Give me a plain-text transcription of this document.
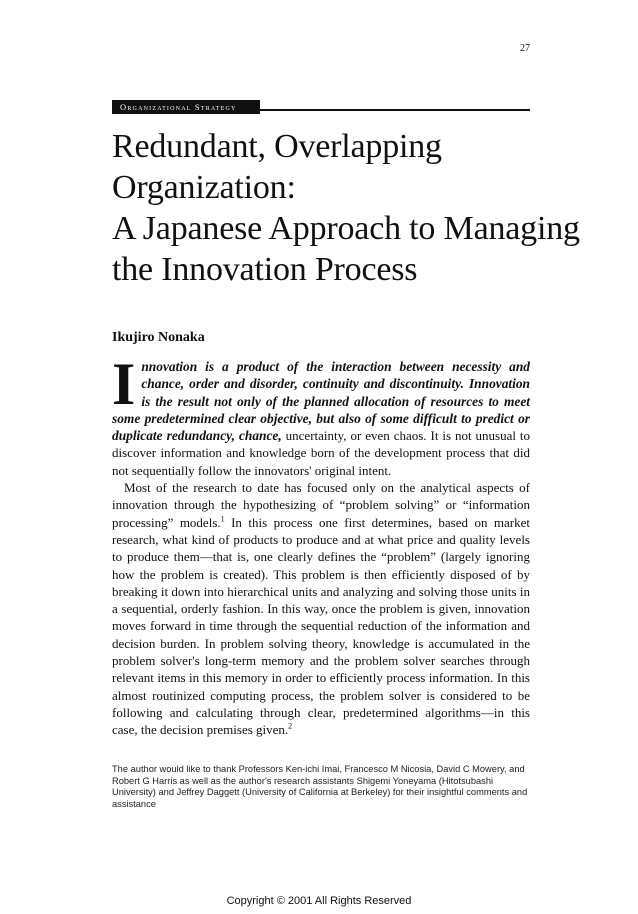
27
Organizational Strategy
Redundant, Overlapping
Organization:
A Japanese Approach to Managing
the Innovation Process
Ikujiro Nonaka

Innovation is a product of the interaction between necessity and chance, order and disorder, continuity and discontinuity. Innovation is the result not only of the planned allocation of resources to meet some predetermined clear objective, but also of some difficult to predict or duplicate redundancy, chance, uncertainty, or even chaos. It is not unusual to discover information and knowledge born of the development process that did not sequentially follow the innovators' original intent.

Most of the research to date has focused only on the analytical aspects of innovation through the hypothesizing of “problem solving” or “information processing” models.$^1$ In this process one first determines, based on market research, what kind of products to produce and at what price and quality levels to produce them—that is, one clearly defines the “problem” (largely ignoring how the problem is created). This problem is then efficiently disposed of by breaking it down into hierarchical units and analyzing and solving those units in a sequential, orderly fashion. In this way, once the problem is given, innovation moves forward in time through the sequential reduction of the information and decision burden. In problem solving theory, knowledge is accumulated in the problem solver's long-term memory and the problem solver searches through relevant items in this memory in order to efficiently process information. In this almost routinized computing process, the problem solver is considered to be following and calculating through clear, predetermined algorithms—in this case, the decision premises given.$^2$

The author would like to thank Professors Ken-ichi Imai, Francesco M Nicosia, David C Mowery, and Robert G Harris as well as the author's research assistants Shigemi Yoneyama (Hitotsubashi University) and Jeffrey Daggett (University of California at Berkeley) for their insightful comments and assistance
Copyright © 2001 All Rights Reserved
